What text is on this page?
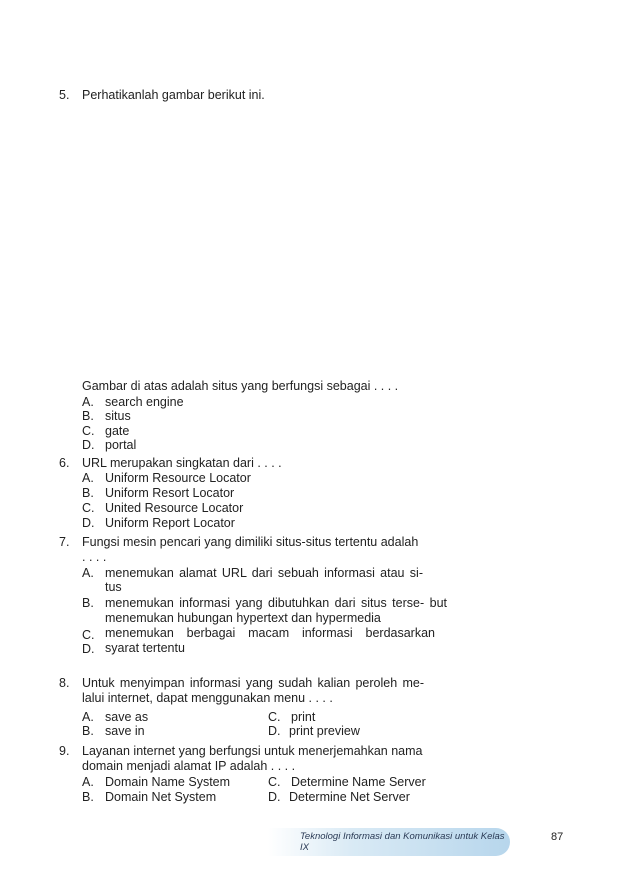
5. Perhatikanlah gambar berikut ini.
Gambar di atas adalah situs yang berfungsi sebagai . . . .
A. search engine
B. situs
C. gate
D. portal
6. URL merupakan singkatan dari . . . .
A. Uniform Resource Locator
B. Uniform Resort Locator
C. United Resource Locator
D. Uniform Report Locator
7. Fungsi mesin pencari yang dimiliki situs-situs tertentu adalah
. . . .
A. menemukan alamat URL dari sebuah informasi atau si-
tus
B. menemukan informasi yang dibutuhkan dari situs terse- but
menemukan hubungan hypertext dan hypermedia
C. menemukan berbagai macam informasi berdasarkan
D. syarat tertentu
8. Untuk menyimpan informasi yang sudah kalian peroleh me-
lalui internet, dapat menggunakan menu . . . .
A. save as
B. save in
C. print
D. print preview
9. Layanan internet yang berfungsi untuk menerjemahkan nama
domain menjadi alamat IP adalah . . . .
A. Domain Name System
B. Domain Net System
C. Determine Name Server
D. Determine Net Server
Teknologi Informasi dan Komunikasi untuk Kelas IX
87
